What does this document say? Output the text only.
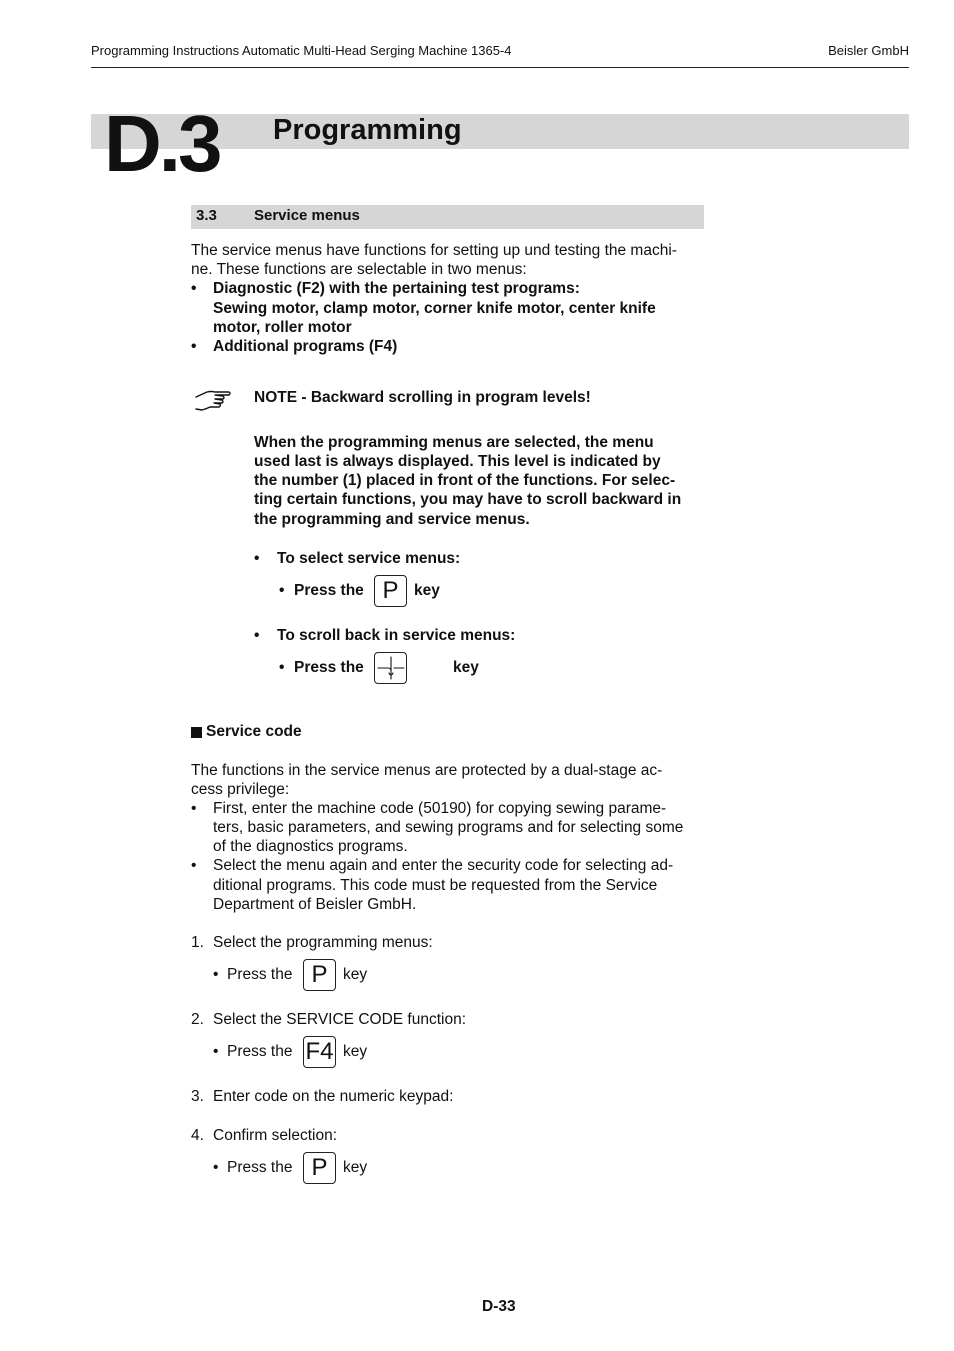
Programming Instructions Automatic Multi-Head Serging Machine 1365-4	Beisler GmbH
D.3 Programming
3.3 Service menus
The service menus have functions for setting up und testing the machi-
ne. These functions are selectable in two menus:
• Diagnostic (F2) with the pertaining test programs:
Sewing motor, clamp motor, corner knife motor, center knife
motor, roller motor
• Additional programs (F4)
NOTE - Backward scrolling in program levels!
When the programming menus are selected, the menu
used last is always displayed. This level is indicated by
the number (1) placed in front of the functions. For selec-
ting certain functions, you may have to scroll backward in
the programming and service menus.
• To select service menus:
• Press the P	key
• To scroll back in service menus:
• Press the	key
Service code
The functions in the service menus are protected by a dual-stage ac-
cess privilege:
• First, enter the machine code (50190) for copying sewing parame-
ters, basic parameters, and sewing programs and for selecting some
of the diagnostics programs.
• Select the menu again and enter the security code for selecting ad-
ditional programs. This code must be requested from the Service
Department of Beisler GmbH.
1. Select the programming menus:
• Press the P	key
2. Select the SERVICE CODE function:
• Press the F4 key
3. Enter code on the numeric keypad:
4. Confirm selection:
• Press the P	key
D-33
